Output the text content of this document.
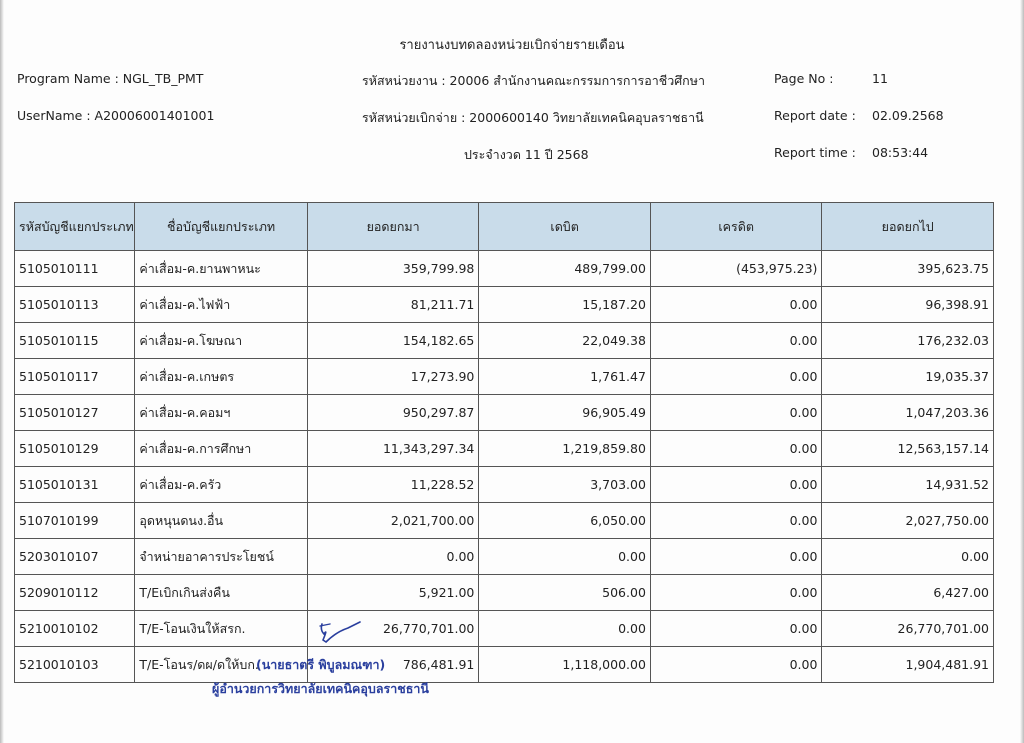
รายงานงบทดลองหน่วยเบิกจ่ายรายเดือน
Program Name : NGL_TB_PMT
UserName : A20006001401001
รหัสหน่วยงาน : 20006 สำนักงานคณะกรรมการการอาชีวศึกษา
รหัสหน่วยเบิกจ่าย : 2000600140 วิทยาลัยเทคนิคอุบลราชธานี
ประจำงวด 11 ปี 2568
Page No :
Report date :
Report time :
11
02.09.2568
08:53:44
รหัสบัญชีแยกประเภท	ชื่อบัญชีแยกประเภท	ยอดยกมา	เดบิต	เครดิต	ยอดยกไป
5105010111	ค่าเสื่อม-ค.ยานพาหนะ	359,799.98	489,799.00	(453,975.23)	395,623.75
5105010113	ค่าเสื่อม-ค.ไฟฟ้า	81,211.71	15,187.20	0.00	96,398.91
5105010115	ค่าเสื่อม-ค.โฆษณา	154,182.65	22,049.38	0.00	176,232.03
5105010117	ค่าเสื่อม-ค.เกษตร	17,273.90	1,761.47	0.00	19,035.37
5105010127	ค่าเสื่อม-ค.คอมฯ	950,297.87	96,905.49	0.00	1,047,203.36
5105010129	ค่าเสื่อม-ค.การศึกษา	11,343,297.34	1,219,859.80	0.00	12,563,157.14
5105010131	ค่าเสื่อม-ค.ครัว	11,228.52	3,703.00	0.00	14,931.52
5107010199	อุดหนุนดนง.อื่น	2,021,700.00	6,050.00	0.00	2,027,750.00
5203010107	จำหน่ายอาคารประโยชน์	0.00	0.00	0.00	0.00
5209010112	T/Eเบิกเกินส่งคืน	5,921.00	506.00	0.00	6,427.00
5210010102	T/E-โอนเงินให้สรก.	26,770,701.00	0.00	0.00	26,770,701.00
5210010103	T/E-โอนร/ดผ/ดให้บก.	786,481.91	1,118,000.00	0.00	1,904,481.91
(นายธาตรี พิบูลมณฑา)
ผู้อำนวยการวิทยาลัยเทคนิคอุบลราชธานี
